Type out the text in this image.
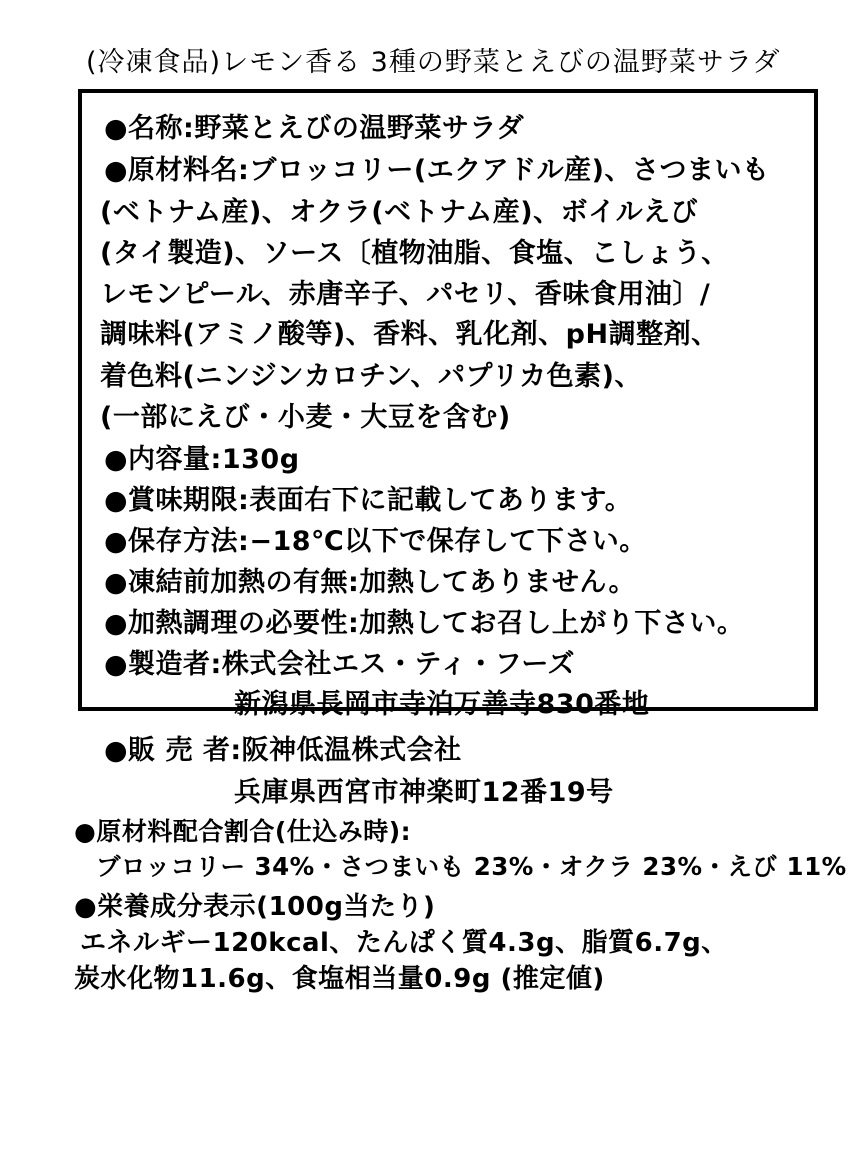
(冷凍食品)レモン香る 3種の野菜とえびの温野菜サラダ
●名称:野菜とえびの温野菜サラダ
●原材料名:ブロッコリー(エクアドル産)、さつまいも
(ベトナム産)、オクラ(ベトナム産)、ボイルえび
(タイ製造)、ソース〔植物油脂、食塩、こしょう、
レモンピール、赤唐辛子、パセリ、香味食用油〕/
調味料(アミノ酸等)、香料、乳化剤、pH調整剤、
着色料(ニンジンカロチン、パプリカ色素)、
(一部にえび・小麦・大豆を含む)
●内容量:130g
●賞味期限:表面右下に記載してあります。
●保存方法:−18℃以下で保存して下さい。
●凍結前加熱の有無:加熱してありません。
●加熱調理の必要性:加熱してお召し上がり下さい。
●製造者:株式会社エス・ティ・フーズ
新潟県長岡市寺泊万善寺830番地
●販 売 者:阪神低温株式会社
兵庫県西宮市神楽町12番19号
●原材料配合割合(仕込み時):
ブロッコリー 34%・さつまいも 23%・オクラ 23%・えび 11%
●栄養成分表示(100g当たり)
エネルギー120kcal、たんぱく質4.3g、脂質6.7g、
炭水化物11.6g、食塩相当量0.9g (推定値)
